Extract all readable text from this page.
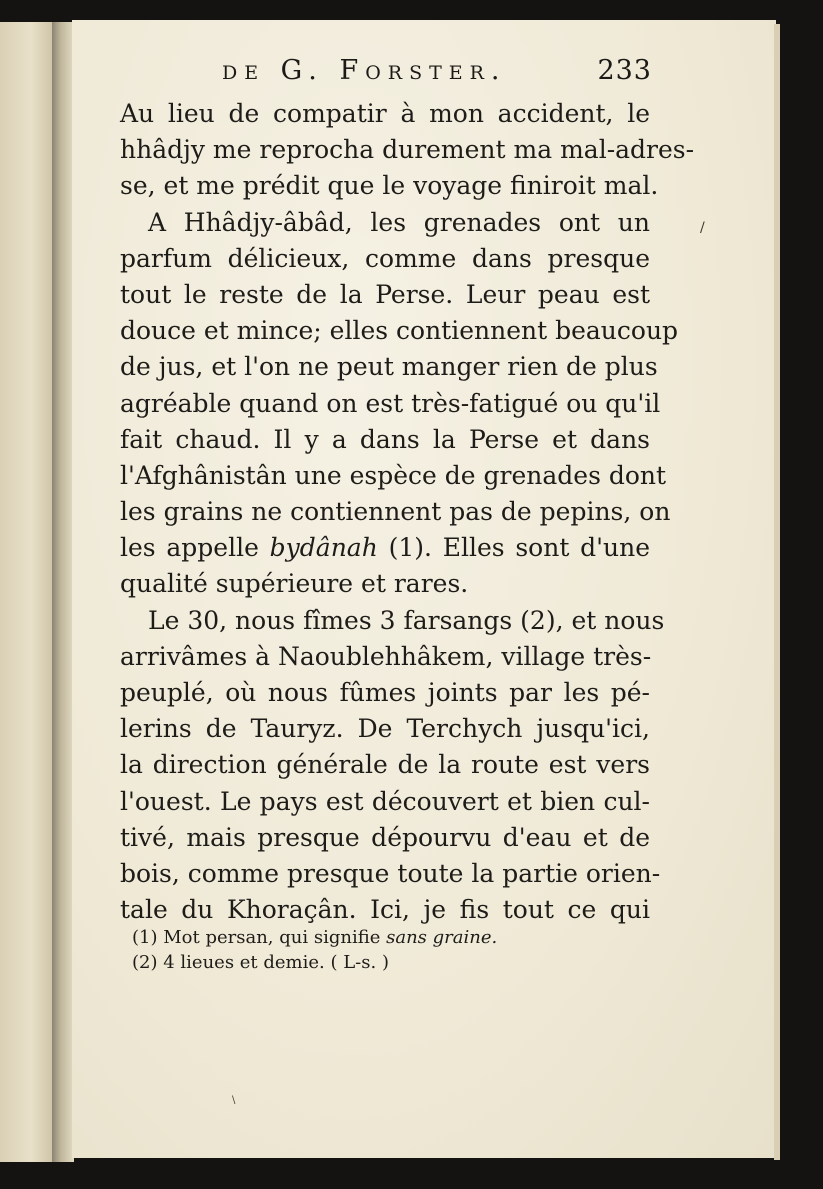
de G. Forster.	233
Au lieu de compatir à mon accident, le
hhâdjy me reprocha durement ma mal-adres-
se, et me prédit que le voyage finiroit mal.
A Hhâdjy-âbâd, les grenades ont un
parfum délicieux, comme dans presque
tout le reste de la Perse. Leur peau est
douce et mince; elles contiennent beaucoup
de jus, et l'on ne peut manger rien de plus
agréable quand on est très-fatigué ou qu'il
fait chaud. Il y a dans la Perse et dans
l'Afghânistân une espèce de grenades dont
les grains ne contiennent pas de pepins, on
les appelle bydânah (1). Elles sont d'une
qualité supérieure et rares.
Le 30, nous fîmes 3 farsangs (2), et nous
arrivâmes à Naoublehhâkem, village très-
peuplé, où nous fûmes joints par les pé-
lerins de Tauryz. De Terchych jusqu'ici,
la direction générale de la route est vers
l'ouest. Le pays est découvert et bien cul-
tivé, mais presque dépourvu d'eau et de
bois, comme presque toute la partie orien-
tale du Khoraçân. Ici, je fis tout ce qui
(1) Mot persan, qui signifie sans graine.
(2) 4 lieues et demie. ( L-s. )
/
\
